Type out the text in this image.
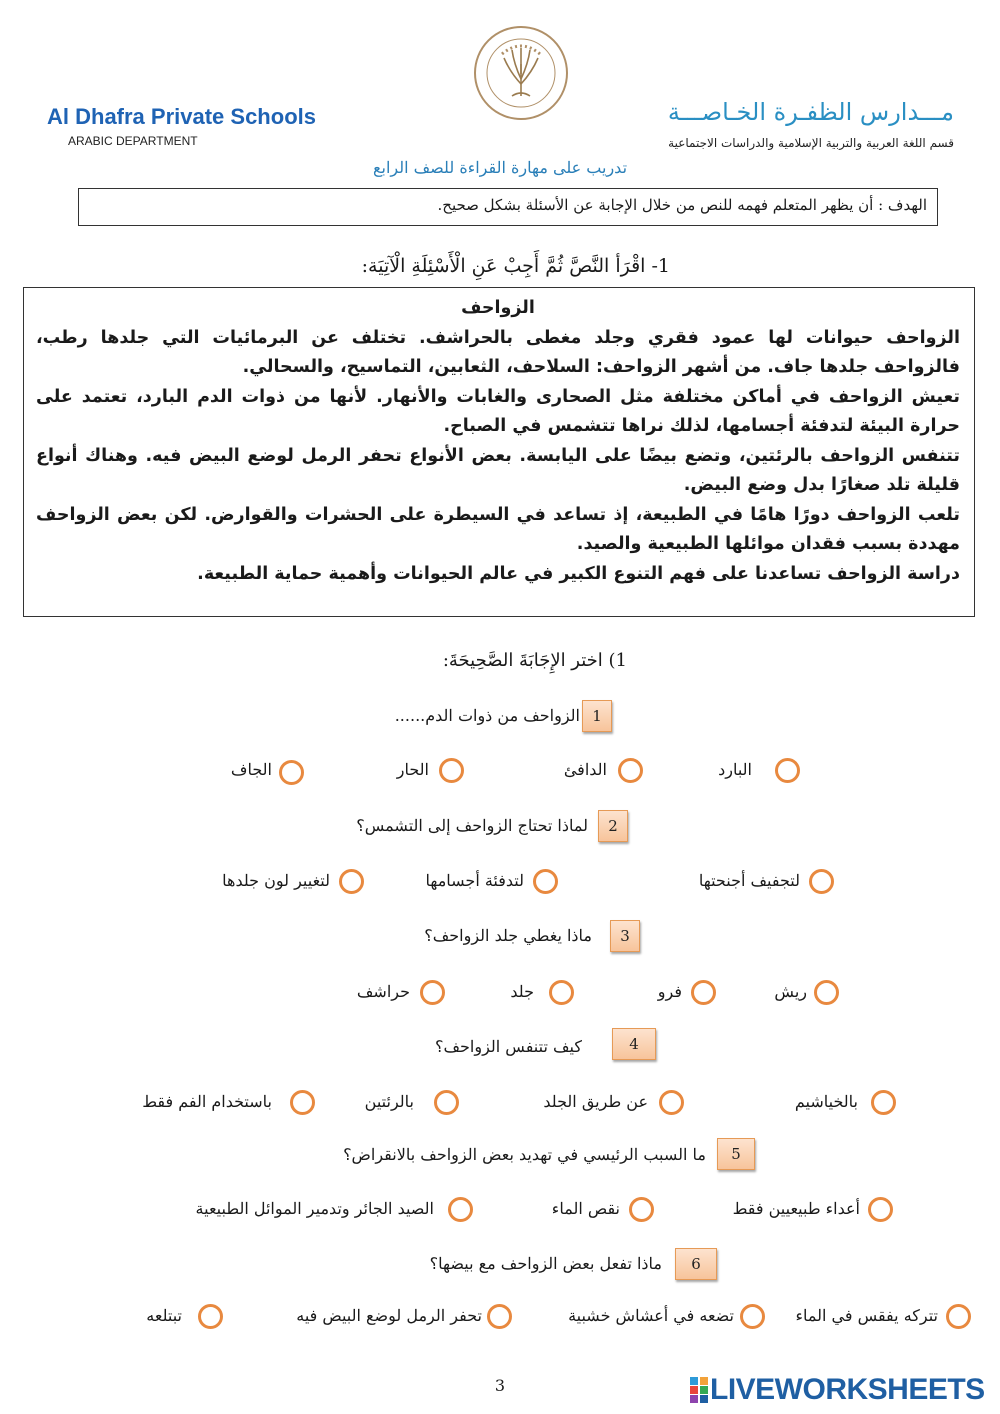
Al Dhafra Private Schools
ARABIC DEPARTMENT
مـــدارس الظفـرة الخـاصـــة
قسم اللغة العربية والتربية الإسلامية والدراسات الاجتماعية
تدريب على مهارة القراءة للصف الرابع
الهدف : أن يظهر المتعلم فهمه للنص من خلال الإجابة عن الأسئلة بشكل صحيح.
1- اقْرَأ النَّصَّ ثُمَّ أَجِبْ عَنِ الْأَسْئِلَةِ الْآتِيَة:
الزواحف

الزواحف حيوانات لها عمود فقري وجلد مغطى بالحراشف. تختلف عن البرمائيات التي جلدها رطب، فالزواحف جلدها جاف. من أشهر الزواحف: السلاحف، الثعابين، التماسيح، والسحالي.

تعيش الزواحف في أماكن مختلفة مثل الصحارى والغابات والأنهار. لأنها من ذوات الدم البارد، تعتمد على حرارة البيئة لتدفئة أجسامها، لذلك نراها تتشمس في الصباح.

تتنفس الزواحف بالرئتين، وتضع بيضًا على اليابسة. بعض الأنواع تحفر الرمل لوضع البيض فيه. وهناك أنواع قليلة تلد صغارًا بدل وضع البيض.

تلعب الزواحف دورًا هامًا في الطبيعة، إذ تساعد في السيطرة على الحشرات والقوارض. لكن بعض الزواحف مهددة بسبب فقدان موائلها الطبيعية والصيد.

دراسة الزواحف تساعدنا على فهم التنوع الكبير في عالم الحيوانات وأهمية حماية الطبيعة.

1) اختر الإِجَابَةَ الصَّحِيحَةَ:
1
الزواحف من ذوات الدم......
البارد
الدافئ
الحار
الجاف
2
لماذا تحتاج الزواحف إلى التشمس؟
لتجفيف أجنحتها
لتدفئة أجسامها
لتغيير لون جلدها
3
ماذا يغطي جلد الزواحف؟
ريش
فرو
جلد
حراشف
4
كيف تتنفس الزواحف؟
بالخياشيم
عن طريق الجلد
بالرئتين
باستخدام الفم فقط
5
ما السبب الرئيسي في تهديد بعض الزواحف بالانقراض؟
أعداء طبيعيين فقط
نقص الماء
الصيد الجائر وتدمير الموائل الطبيعية
6
ماذا تفعل بعض الزواحف مع بيضها؟
تتركه يفقس في الماء
تضعه في أعشاش خشبية
تحفر الرمل لوضع البيض فيه
تبتلعه
3	LIVEWORKSHEETS
